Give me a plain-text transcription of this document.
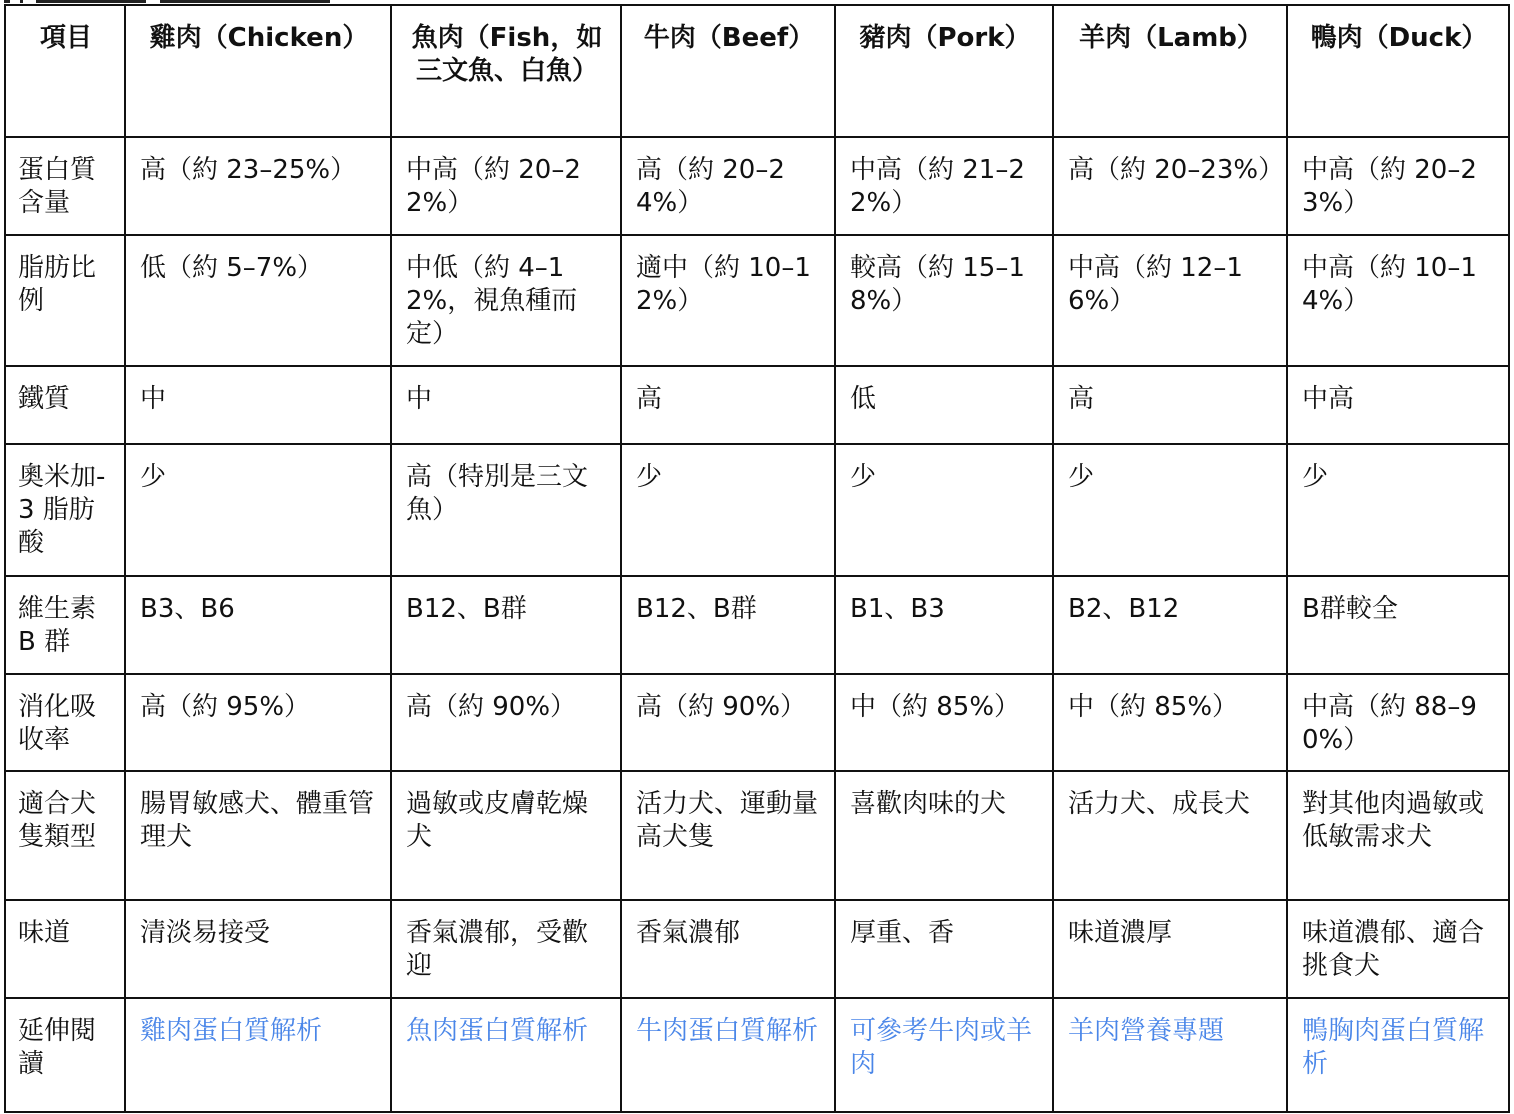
項目	雞肉（Chicken）	魚肉（Fish，如三文魚、白魚）	牛肉（Beef）	豬肉（Pork）	羊肉（Lamb）	鴨肉（Duck）
蛋白質含量	高（約 23–25%）	中高（約 20–22%）	高（約 20–24%）	中高（約 21–22%）	高（約 20–23%）	中高（約 20–23%）
脂肪比例	低（約 5–7%）	中低（約 4–12%，視魚種而定）	適中（約 10–12%）	較高（約 15–18%）	中高（約 12–16%）	中高（約 10–14%）
鐵質	中	中	高	低	高	中高
奧米加-3 脂肪酸	少	高（特別是三文魚）	少	少	少	少
維生素 B 群	B3、B6	B12、B群	B12、B群	B1、B3	B2、B12	B群較全
消化吸收率	高（約 95%）	高（約 90%）	高（約 90%）	中（約 85%）	中（約 85%）	中高（約 88–90%）
適合犬隻類型	腸胃敏感犬、體重管理犬	過敏或皮膚乾燥犬	活力犬、運動量高犬隻	喜歡肉味的犬	活力犬、成長犬	對其他肉過敏或低敏需求犬
味道	清淡易接受	香氣濃郁，受歡迎	香氣濃郁	厚重、香	味道濃厚	味道濃郁、適合挑食犬
延伸閱讀	雞肉蛋白質解析	魚肉蛋白質解析	牛肉蛋白質解析	可參考牛肉或羊肉	羊肉營養專題	鴨胸肉蛋白質解析
